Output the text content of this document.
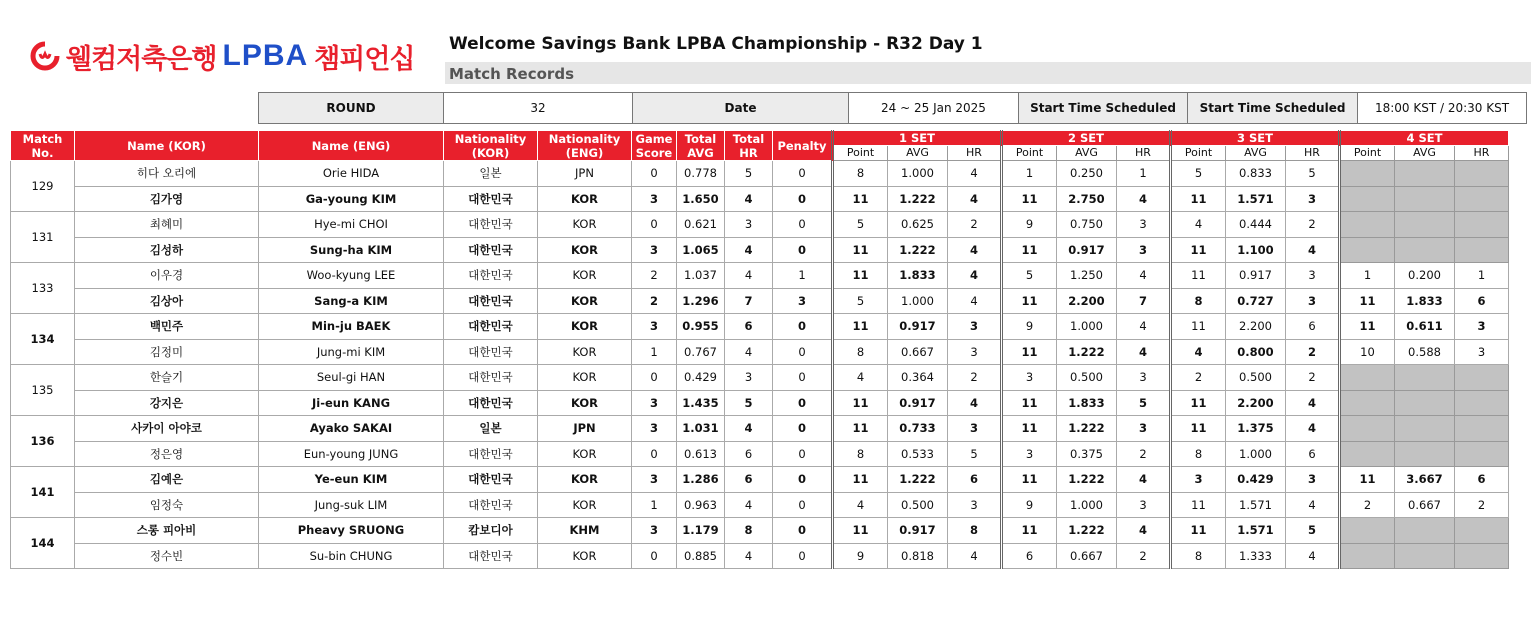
웰컴저축은행 LPBA 챔피언십 Welcome Savings Bank LPBA Championship - R32 Day 1
Match Records
ROUND	32	Date	24 ~ 25 Jan 2025	Start Time Scheduled	Start Time Scheduled	18:00 KST / 20:30 KST
Match No.	Name (KOR)	Name (ENG)	Nationality (KOR)	Nationality (ENG)	Game Score	Total AVG	Total HR	Penalty	1 SET			2 SET			3 SET			4 SET		
									Point	AVG	HR	Point	AVG	HR	Point	AVG	HR	Point	AVG	HR
129	히다 오리에	Orie HIDA	일본	JPN	0	0.778	5	0	8	1.000	4	1	0.250	1	5	0.833	5			
	김가영	Ga-young KIM	대한민국	KOR	3	1.650	4	0	11	1.222	4	11	2.750	4	11	1.571	3			
131	최혜미	Hye-mi CHOI	대한민국	KOR	0	0.621	3	0	5	0.625	2	9	0.750	3	4	0.444	2			
	김성하	Sung-ha KIM	대한민국	KOR	3	1.065	4	0	11	1.222	4	11	0.917	3	11	1.100	4			
133	이우경	Woo-kyung LEE	대한민국	KOR	2	1.037	4	1	11	1.833	4	5	1.250	4	11	0.917	3	1	0.200	1
	김상아	Sang-a KIM	대한민국	KOR	2	1.296	7	3	5	1.000	4	11	2.200	7	8	0.727	3	11	1.833	6
134	백민주	Min-ju BAEK	대한민국	KOR	3	0.955	6	0	11	0.917	3	9	1.000	4	11	2.200	6	11	0.611	3
	김정미	Jung-mi KIM	대한민국	KOR	1	0.767	4	0	8	0.667	3	11	1.222	4	4	0.800	2	10	0.588	3
135	한슬기	Seul-gi HAN	대한민국	KOR	0	0.429	3	0	4	0.364	2	3	0.500	3	2	0.500	2			
	강지은	Ji-eun KANG	대한민국	KOR	3	1.435	5	0	11	0.917	4	11	1.833	5	11	2.200	4			
136	사카이 아야코	Ayako SAKAI	일본	JPN	3	1.031	4	0	11	0.733	3	11	1.222	3	11	1.375	4			
	정은영	Eun-young JUNG	대한민국	KOR	0	0.613	6	0	8	0.533	5	3	0.375	2	8	1.000	6			
141	김예은	Ye-eun KIM	대한민국	KOR	3	1.286	6	0	11	1.222	6	11	1.222	4	3	0.429	3	11	3.667	6
	임정숙	Jung-suk LIM	대한민국	KOR	1	0.963	4	0	4	0.500	3	9	1.000	3	11	1.571	4	2	0.667	2
144	스롱 피아비	Pheavy SRUONG	캄보디아	KHM	3	1.179	8	0	11	0.917	8	11	1.222	4	11	1.571	5			
	정수빈	Su-bin CHUNG	대한민국	KOR	0	0.885	4	0	9	0.818	4	6	0.667	2	8	1.333	4			
